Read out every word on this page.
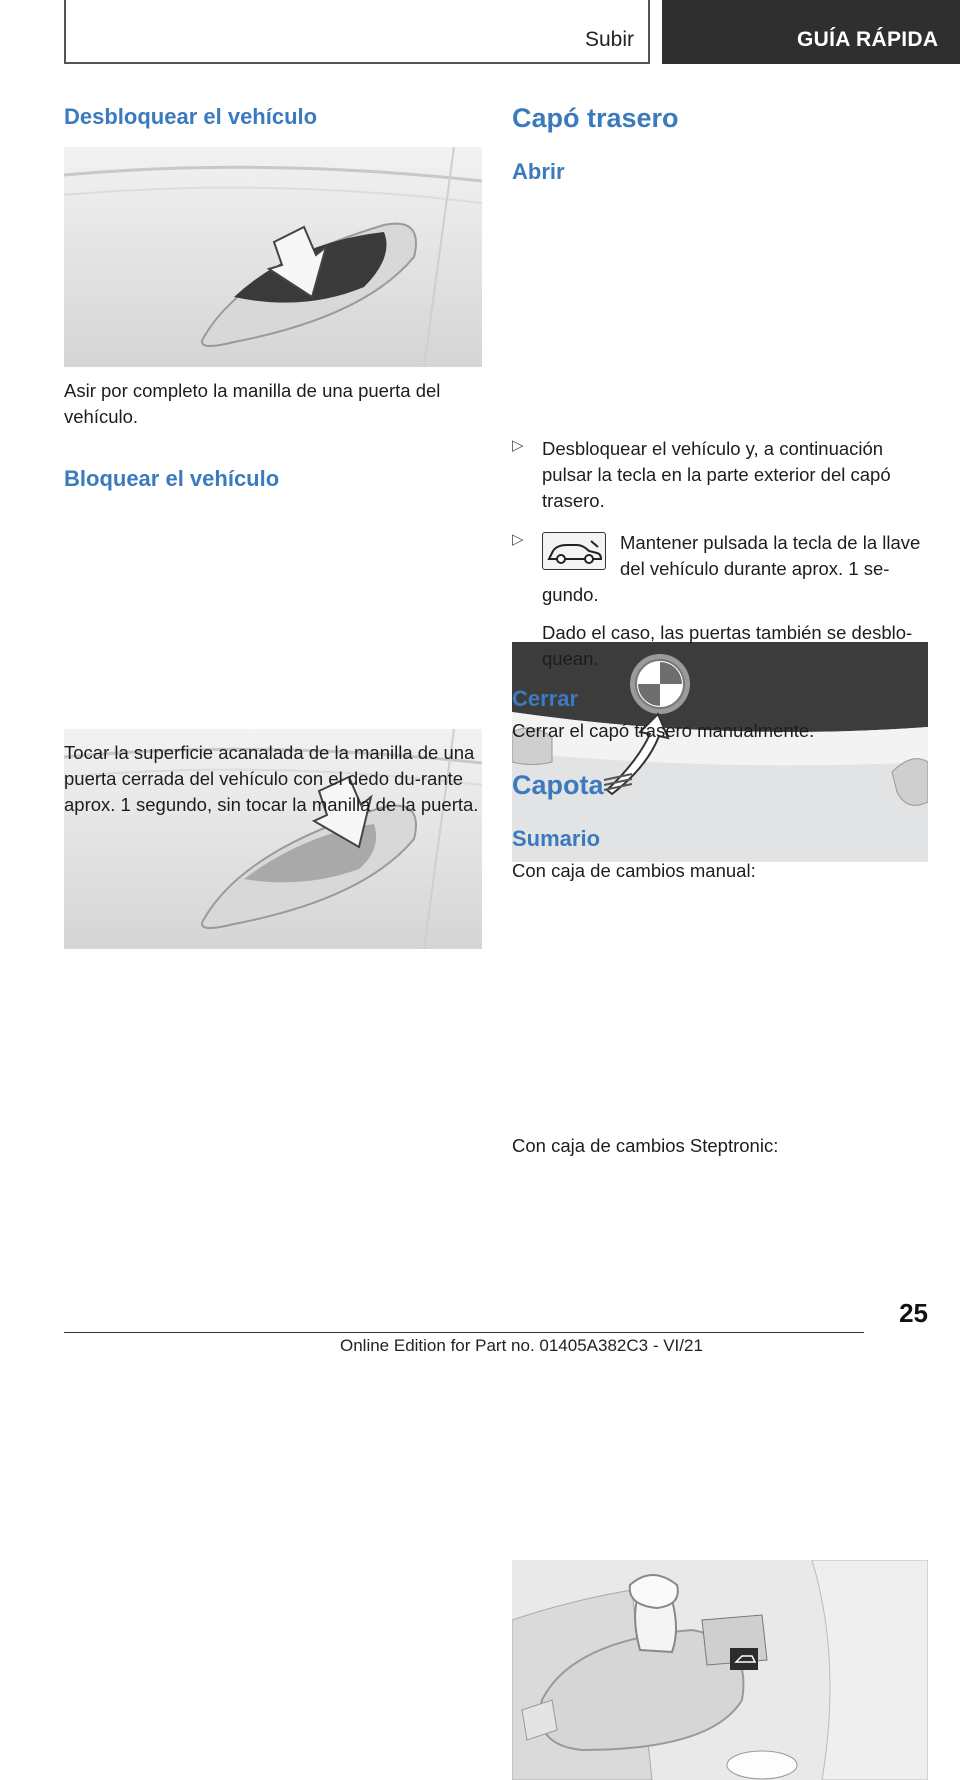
Subir	GUÍA RÁPIDA
Desbloquear el vehículo

Asir por completo la manilla de una puerta del vehículo.

Bloquear el vehículo

Tocar la superficie acanalada de la manilla de una puerta cerrada del vehículo con el dedo du-rante aprox. 1 segundo, sin tocar la manilla de la puerta.

Capó trasero
Abrir
▷ Desbloquear el vehículo y, a continuación pulsar la tecla en la parte exterior del capó trasero.

▷	Mantener pulsada la tecla de la llave del vehículo durante aprox. 1 se-gundo.

Dado el caso, las puertas también se desblo-quean.

Cerrar

Cerrar el capó trasero manualmente.

Capota
Sumario

Con caja de cambios manual:

Con caja de cambios Steptronic:

25
Online Edition for Part no. 01405A382C3 - VI/21
